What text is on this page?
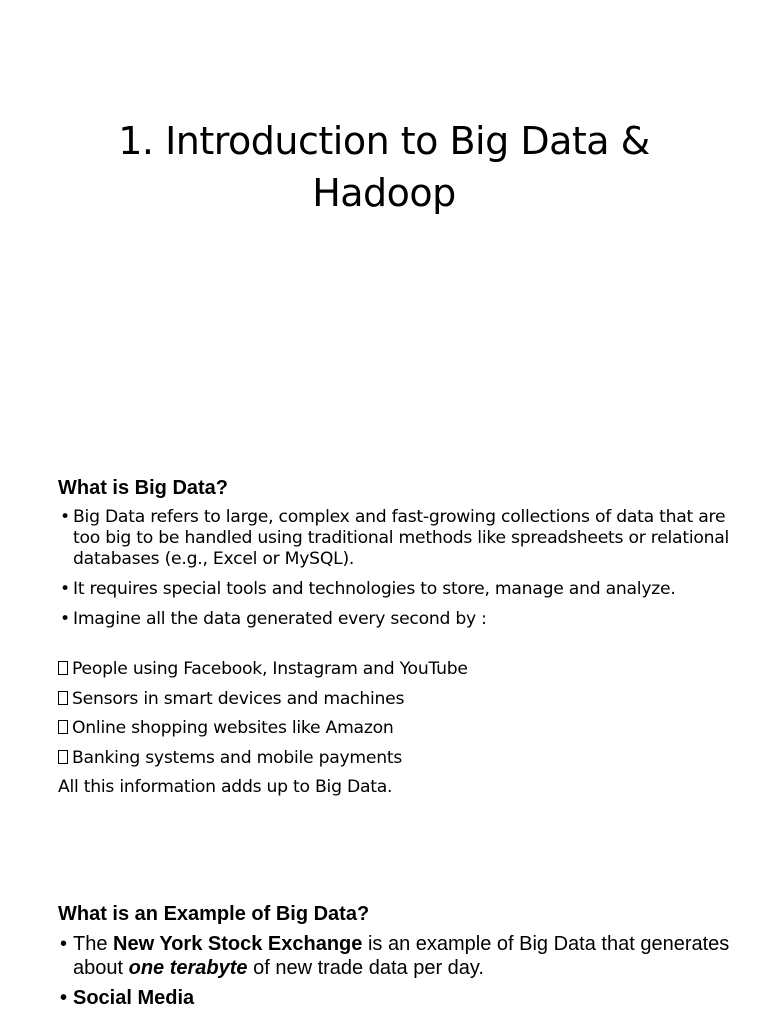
1. Introduction to Big Data &
Hadoop
What is Big Data?
• Big Data refers to large, complex and fast-growing collections of data that are too big to be handled using traditional methods like spreadsheets or relational databases (e.g., Excel or MySQL).
• It requires special tools and technologies to store, manage and analyze.
• Imagine all the data generated every second by :
People using Facebook, Instagram and YouTube
Sensors in smart devices and machines
Online shopping websites like Amazon
Banking systems and mobile payments
All this information adds up to Big Data.
What is an Example of Big Data?
• The New York Stock Exchange is an example of Big Data that generates about one terabyte of new trade data per day.
• Social Media
